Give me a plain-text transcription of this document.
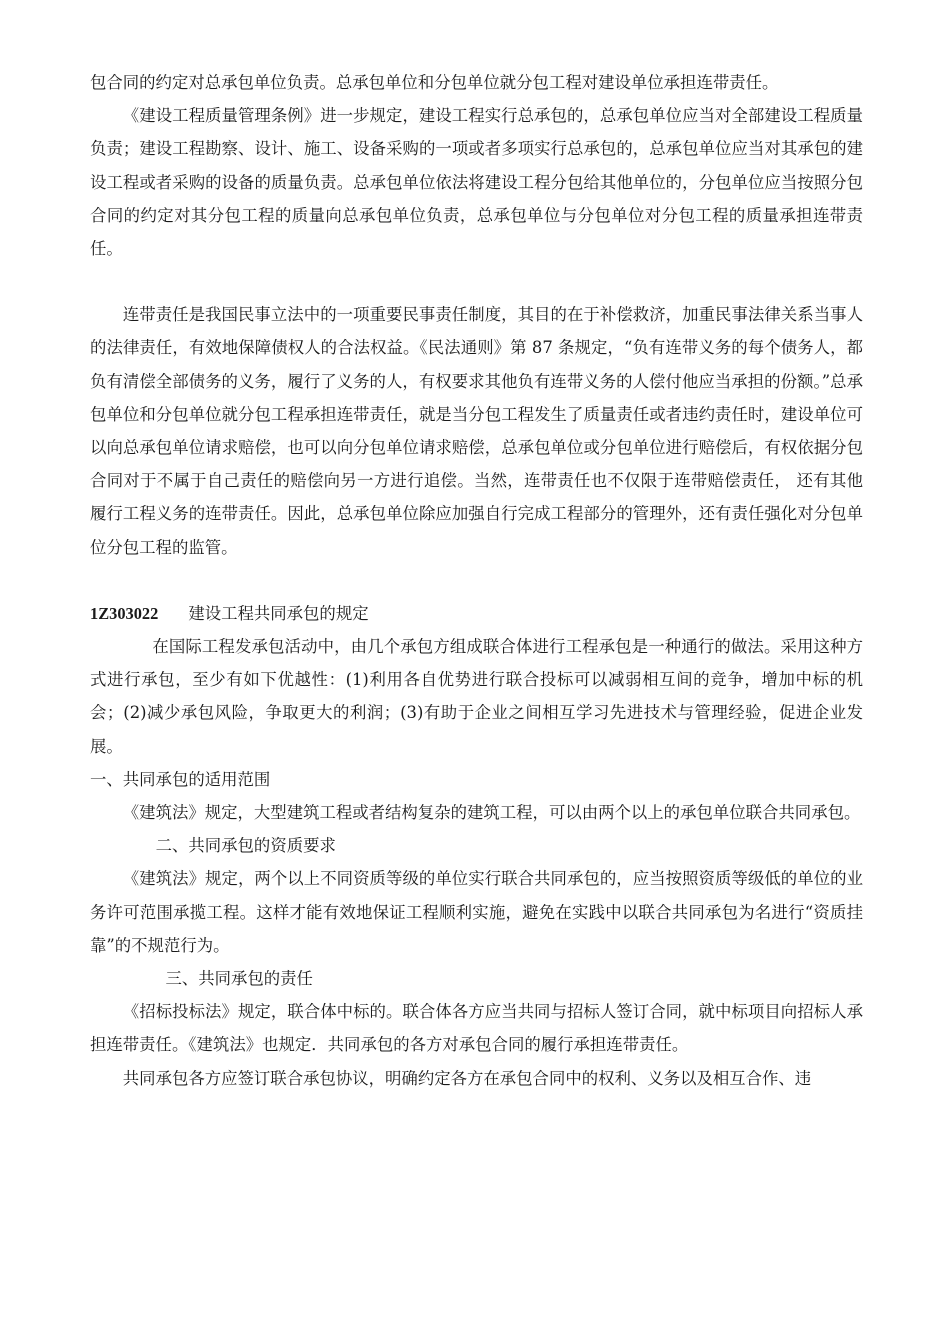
包合同的约定对总承包单位负责。总承包单位和分包单位就分包工程对建设单位承担连带责任。

《建设工程质量管理条例》进一步规定，建设工程实行总承包的，总承包单位应当对全部建设工程质量负责；建设工程勘察、设计、施工、设备采购的一项或者多项实行总承包的，总承包单位应当对其承包的建设工程或者采购的设备的质量负责。总承包单位依法将建设工程分包给其他单位的，分包单位应当按照分包合同的约定对其分包工程的质量向总承包单位负责，总承包单位与分包单位对分包工程的质量承担连带责任。

连带责任是我国民事立法中的一项重要民事责任制度，其目的在于补偿救济，加重民事法律关系当事人的法律责任，有效地保障债权人的合法权益。《民法通则》第 87 条规定，“负有连带义务的每个债务人，都负有清偿全部债务的义务，履行了义务的人，有权要求其他负有连带义务的人偿付他应当承担的份额。”总承包单位和分包单位就分包工程承担连带责任，就是当分包工程发生了质量责任或者违约责任时，建设单位可以向总承包单位请求赔偿，也可以向分包单位请求赔偿，总承包单位或分包单位进行赔偿后，有权依据分包合同对于不属于自己责任的赔偿向另一方进行追偿。当然，连带责任也不仅限于连带赔偿责任， 还有其他履行工程义务的连带责任。因此，总承包单位除应加强自行完成工程部分的管理外，还有责任强化对分包单位分包工程的监管。

1Z303022 建设工程共同承包的规定

在国际工程发承包活动中，由几个承包方组成联合体进行工程承包是一种通行的做法。采用这种方式进行承包，至少有如下优越性：(1)利用各自优势进行联合投标可以减弱相互间的竞争，增加中标的机会；(2)减少承包风险，争取更大的利润；(3)有助于企业之间相互学习先进技术与管理经验，促进企业发展。

一、共同承包的适用范围

《建筑法》规定，大型建筑工程或者结构复杂的建筑工程，可以由两个以上的承包单位联合共同承包。

二、共同承包的资质要求

《建筑法》规定，两个以上不同资质等级的单位实行联合共同承包的，应当按照资质等级低的单位的业务许可范围承揽工程。这样才能有效地保证工程顺利实施，避免在实践中以联合共同承包为名进行“资质挂靠”的不规范行为。

三、共同承包的责任

《招标投标法》规定，联合体中标的。联合体各方应当共同与招标人签订合同，就中标项目向招标人承担连带责任。《建筑法》也规定．共同承包的各方对承包合同的履行承担连带责任。

共同承包各方应签订联合承包协议，明确约定各方在承包合同中的权利、义务以及相互合作、违
